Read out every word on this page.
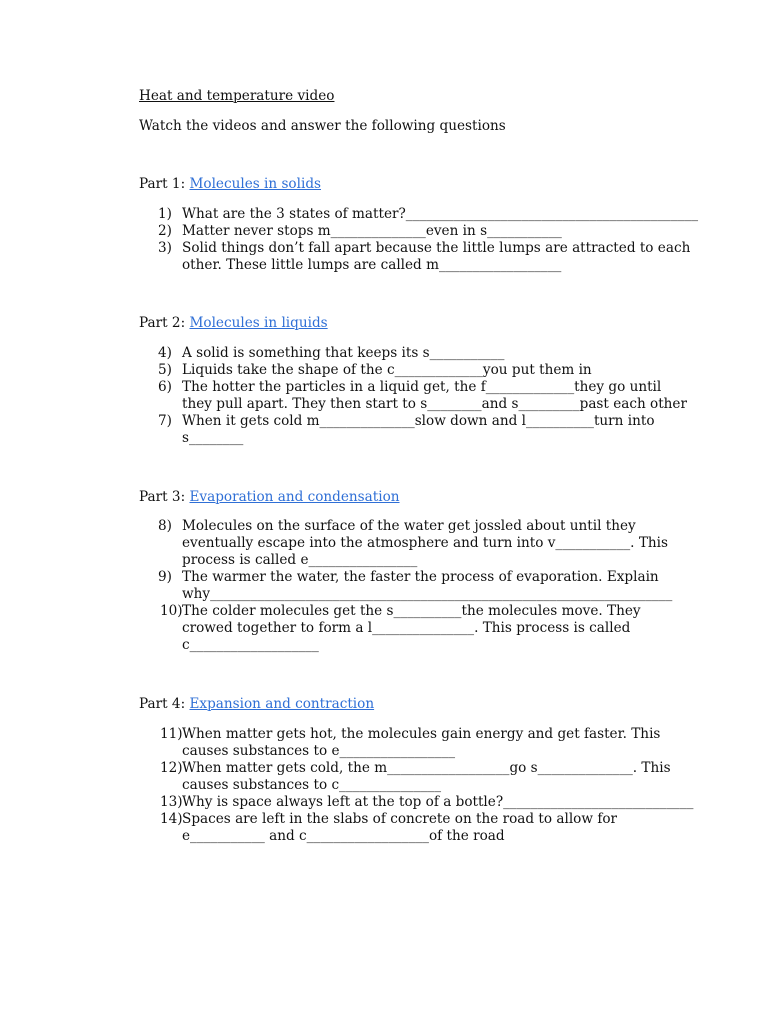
Heat and temperature video
Watch the videos and answer the following questions
Part 1: Molecules in solids
1) What are the 3 states of matter?___________________________________________
2) Matter never stops m______________even in s___________
3) Solid things don’t fall apart because the little lumps are attracted to each
other. These little lumps are called m__________________
Part 2: Molecules in liquids
4) A solid is something that keeps its s___________
5) Liquids take the shape of the c_____________you put them in
6) The hotter the particles in a liquid get, the f_____________they go until
they pull apart. They then start to s________and s_________past each other
7) When it gets cold m______________slow down and l__________turn into
s________
Part 3: Evaporation and condensation
8) Molecules on the surface of the water get jossled about until they
eventually escape into the atmosphere and turn into v___________. This
process is called e________________
9) The warmer the water, the faster the process of evaporation. Explain
why____________________________________________________________________
10) The colder molecules get the s__________the molecules move. They
crowed together to form a l_______________. This process is called
c___________________
Part 4: Expansion and contraction
11) When matter gets hot, the molecules gain energy and get faster. This
causes substances to e_________________
12) When matter gets cold, the m__________________go s______________. This
causes substances to c_______________
13) Why is space always left at the top of a bottle?____________________________
14) Spaces are left in the slabs of concrete on the road to allow for
e___________ and c__________________of the road
